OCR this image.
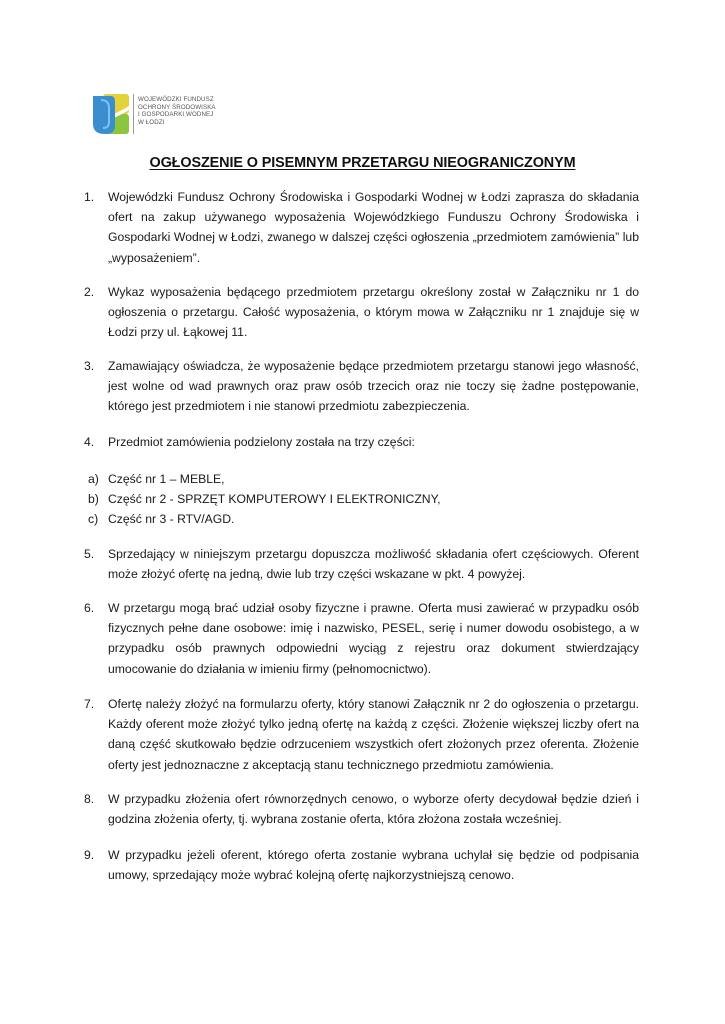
WOJEWÓDZKI FUNDUSZ
OCHRONY ŚRODOWISKA
I GOSPODARKI WODNEJ
W ŁODZI
OGŁOSZENIE O PISEMNYM PRZETARGU NIEOGRANICZONYM
1.	Wojewódzki Fundusz Ochrony Środowiska i Gospodarki Wodnej w Łodzi zaprasza do składania ofert na zakup używanego wyposażenia Wojewódzkiego Funduszu Ochrony Środowiska i Gospodarki Wodnej w Łodzi, zwanego w dalszej części ogłoszenia „przedmiotem zamówienia” lub „wyposażeniem”.

2.	Wykaz wyposażenia będącego przedmiotem przetargu określony został w Załączniku nr 1 do ogłoszenia o przetargu. Całość wyposażenia, o którym mowa w Załączniku nr 1 znajduje się w Łodzi przy ul. Łąkowej 11.

3.	Zamawiający oświadcza, że wyposażenie będące przedmiotem przetargu stanowi jego własność, jest wolne od wad prawnych oraz praw osób trzecich oraz nie toczy się żadne postępowanie, którego jest przedmiotem i nie stanowi przedmiotu zabezpieczenia.

4.	Przedmiot zamówienia podzielony została na trzy części:

a) Część nr 1 – MEBLE,
b) Część nr 2 - SPRZĘT KOMPUTEROWY I ELEKTRONICZNY,
c) Część nr 3 - RTV/AGD.
5.	Sprzedający w niniejszym przetargu dopuszcza możliwość składania ofert częściowych. Oferent może złożyć ofertę na jedną, dwie lub trzy części wskazane w pkt. 4 powyżej.

6.	W przetargu mogą brać udział osoby fizyczne i prawne. Oferta musi zawierać w przypadku osób fizycznych pełne dane osobowe: imię i nazwisko, PESEL, serię i numer dowodu osobistego, a w przypadku osób prawnych odpowiedni wyciąg z rejestru oraz dokument stwierdzający umocowanie do działania w imieniu firmy (pełnomocnictwo).

7.	Ofertę należy złożyć na formularzu oferty, który stanowi Załącznik nr 2 do ogłoszenia o przetargu. Każdy oferent może złożyć tylko jedną ofertę na każdą z części. Złożenie większej liczby ofert na daną część skutkowało będzie odrzuceniem wszystkich ofert złożonych przez oferenta. Złożenie oferty jest jednoznaczne z akceptacją stanu technicznego przedmiotu zamówienia.

8.	W przypadku złożenia ofert równorzędnych cenowo, o wyborze oferty decydował będzie dzień i godzina złożenia oferty, tj. wybrana zostanie oferta, która złożona została wcześniej.

9.	W przypadku jeżeli oferent, którego oferta zostanie wybrana uchylał się będzie od podpisania umowy, sprzedający może wybrać kolejną ofertę najkorzystniejszą cenowo.
